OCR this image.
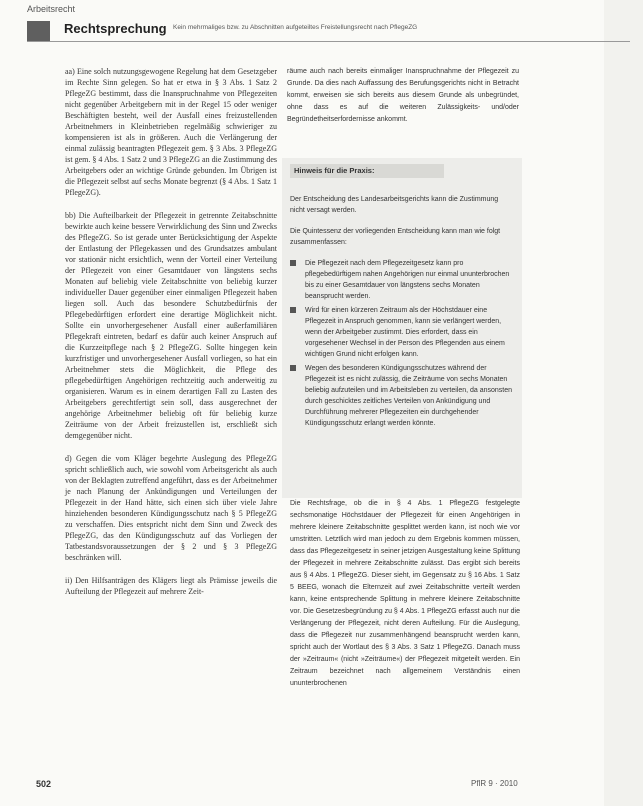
Arbeitsrecht
Rechtsprechung Kein mehrmaliges bzw. zu Abschnitten aufgeteiltes Freistellungsrecht nach PflegeZG

aa) Eine solch nutzungsgewogene Regelung hat dem Gesetzgeber im Rechte Sinn gelegen. So hat er etwa in § 3 Abs. 1 Satz 2 PflegeZG bestimmt, dass die Inanspruchnahme von Pflegezeiten nicht gegenüber Arbeitgebern mit in der Regel 15 oder weniger Beschäftigten besteht, weil der Ausfall eines freizustellenden Arbeitnehmers in Kleinbetrieben regelmäßig schwieriger zu kompensieren ist als in größeren. Auch die Verlängerung der einmal zulässig beantragten Pflegezeit gem. § 3 Abs. 3 PflegeZG ist gem. § 4 Abs. 1 Satz 2 und 3 PflegeZG an die Zustimmung des Arbeitgebers oder an wichtige Gründe gebunden. Im Übrigen ist die Pflegezeit selbst auf sechs Monate begrenzt (§ 4 Abs. 1 Satz 1 PflegeZG).

bb) Die Aufteilbarkeit der Pflegezeit in getrennte Zeitabschnitte bewirkte auch keine bessere Verwirklichung des Sinn und Zwecks des PflegeZG. So ist gerade unter Berücksichtigung der Aspekte der Entlastung der Pflegekassen und des Grundsatzes ambulant vor stationär nicht ersichtlich, wenn der Vorteil einer Verteilung der Pflegezeit von einer Gesamtdauer von längstens sechs Monaten auf beliebig viele Zeitabschnitte von beliebig kurzer individueller Dauer gegenüber einer einmaligen Pflegezeit haben liegen soll. Auch das besondere Schutzbedürfnis der Pflegebedürftigen erfordert eine derartige Möglichkeit nicht. Sollte ein unvorhergesehener Ausfall einer außerfamiliären Pflegekraft eintreten, bedarf es dafür auch keiner Anspruch auf die Kurzzeitpflege nach § 2 PflegeZG. Sollte hingegen kein kurzfristiger und unvorhergesehener Ausfall vorliegen, so hat ein Arbeitnehmer stets die Möglichkeit, die Pflege des pflegebedürftigen Angehörigen rechtzeitig auch anderweitig zu organisieren. Warum es in einem derartigen Fall zu Lasten des Arbeitgebers gerechtfertigt sein soll, dass ausgerechnet der angehörige Arbeitnehmer beliebig oft für beliebig kurze Zeiträume von der Arbeit freizustellen ist, erschließt sich demgegenüber nicht.

d) Gegen die vom Kläger begehrte Auslegung des PflegeZG spricht schließlich auch, wie sowohl vom Arbeitsgericht als auch von der Beklagten zutreffend angeführt, dass es der Arbeitnehmer je nach Planung der Ankündigungen und Verteilungen der Pflegezeit in der Hand hätte, sich einen sich über viele Jahre hinziehenden besonderen Kündigungsschutz nach § 5 PflegeZG zu verschaffen. Dies entspricht nicht dem Sinn und Zweck des PflegeZG, das den Kündigungsschutz auf das Vorliegen der Tatbestandsvoraussetzungen der § 2 und § 3 PflegeZG beschränken will.

ii) Den Hilfsanträgen des Klägers liegt als Prämisse jeweils die Aufteilung der Pflegezeit auf mehrere Zeit-

räume auch nach bereits einmaliger Inanspruchnahme der Pflegezeit zu Grunde. Da dies nach Auffassung des Berufungsgerichts nicht in Betracht kommt, erweisen sie sich bereits aus diesem Grunde als unbegründet, ohne dass es auf die weiteren Zulässigkeits- und/oder Begründetheitserfordernisse ankommt.

Hinweis für die Praxis:

Der Entscheidung des Landesarbeitsgerichts kann die Zustimmung nicht versagt werden.

Die Quintessenz der vorliegenden Entscheidung kann man wie folgt zusammenfassen:

Die Pflegezeit nach dem Pflegezeitgesetz kann pro pflegebedürftigem nahen Angehörigen nur einmal ununterbrochen bis zu einer Gesamtdauer von längstens sechs Monaten beansprucht werden.
Wird für einen kürzeren Zeitraum als der Höchstdauer eine Pflegezeit in Anspruch genommen, kann sie verlängert werden, wenn der Arbeitgeber zustimmt. Dies erfordert, dass ein vorgesehener Wechsel in der Person des Pflegenden aus einem wichtigen Grund nicht erfolgen kann.
Wegen des besonderen Kündigungsschutzes während der Pflegezeit ist es nicht zulässig, die Zeiträume von sechs Monaten beliebig aufzuteilen und im Arbeitsleben zu verteilen, da ansonsten durch geschicktes zeitliches Verteilen von Ankündigung und Durchführung mehrerer Pflegezeiten ein durchgehender Kündigungsschutz erlangt werden könnte.

Die Rechtsfrage, ob die in § 4 Abs. 1 PflegeZG festgelegte sechsmonatige Höchstdauer der Pflegezeit für einen Angehörigen in mehrere kleinere Zeitabschnitte gesplittet werden kann, ist noch wie vor umstritten. Letztlich wird man jedoch zu dem Ergebnis kommen müssen, dass das Pflegezeitgesetz in seiner jetzigen Ausgestaltung keine Splittung der Pflegezeit in mehrere Zeitabschnitte zulässt. Das ergibt sich bereits aus § 4 Abs. 1 PflegeZG. Dieser sieht, im Gegensatz zu § 16 Abs. 1 Satz 5 BEEG, wonach die Elternzeit auf zwei Zeitabschnitte verteilt werden kann, keine entsprechende Splittung in mehrere kleinere Zeitabschnitte vor. Die Gesetzesbegründung zu § 4 Abs. 1 PflegeZG erfasst auch nur die Verlängerung der Pflegezeit, nicht deren Aufteilung. Für die Auslegung, dass die Pflegezeit nur zusammenhängend beansprucht werden kann, spricht auch der Wortlaut des § 3 Abs. 3 Satz 1 PflegeZG. Danach muss der »Zeitraum« (nicht »Zeiträume«) der Pflegezeit mitgeteilt werden. Ein Zeitraum bezeichnet nach allgemeinem Verständnis einen ununterbrochenen

502	PflR 9 · 2010
